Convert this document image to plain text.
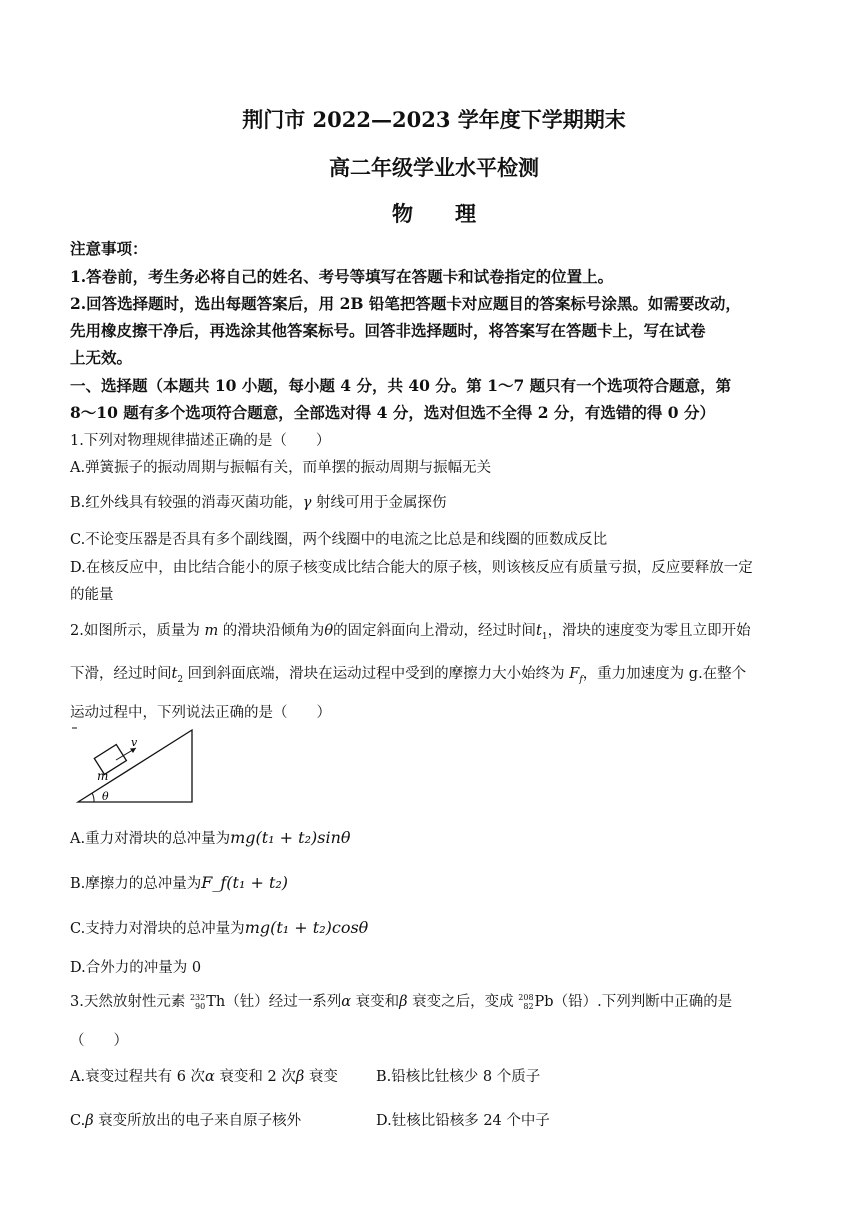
荆门市 2022—2023 学年度下学期期末
高二年级学业水平检测
物　　理
注意事项：
1.答卷前，考生务必将自己的姓名、考号等填写在答题卡和试卷指定的位置上。
2.回答选择题时，选出每题答案后，用 2B 铅笔把答题卡对应题目的答案标号涂黑。如需要改动，
先用橡皮擦干净后，再选涂其他答案标号。回答非选择题时，将答案写在答题卡上，写在试卷
上无效。
一、选择题（本题共 10 小题，每小题 4 分，共 40 分。第 1～7 题只有一个选项符合题意，第
8～10 题有多个选项符合题意，全部选对得 4 分，选对但选不全得 2 分，有选错的得 0 分）
1.下列对物理规律描述正确的是（　　）
A.弹簧振子的振动周期与振幅有关，而单摆的振动周期与振幅无关
B.红外线具有较强的消毒灭菌功能，γ 射线可用于金属探伤
C.不论变压器是否具有多个副线圈，两个线圈中的电流之比总是和线圈的匝数成反比
D.在核反应中，由比结合能小的原子核变成比结合能大的原子核，则该核反应有质量亏损，反应要释放一定
的能量
2.如图所示，质量为 m 的滑块沿倾角为θ的固定斜面向上滑动，经过时间$t_1$，滑块的速度变为零且立即开始
下滑，经过时间$t_2$ 回到斜面底端，滑块在运动过程中受到的摩擦力大小始终为 $F_f$，重力加速度为 g.在整个
运动过程中，下列说法正确的是（　　）
m
v
θ
A.重力对滑块的总冲量为mg(t₁ + t₂)sinθ
B.摩擦力的总冲量为F_f(t₁ + t₂)
C.支持力对滑块的总冲量为mg(t₁ + t₂)cosθ
D.合外力的冲量为 0
3.天然放射性元素 232
90 Th（钍）经过一系列α 衰变和β 衰变之后，变成 208
82 Pb（铅）.下列判断中正确的是
（　　）
A.衰变过程共有 6 次α 衰变和 2 次β 衰变	B.铅核比钍核少 8 个质子
C.β 衰变所放出的电子来自原子核外	D.钍核比铅核多 24 个中子
